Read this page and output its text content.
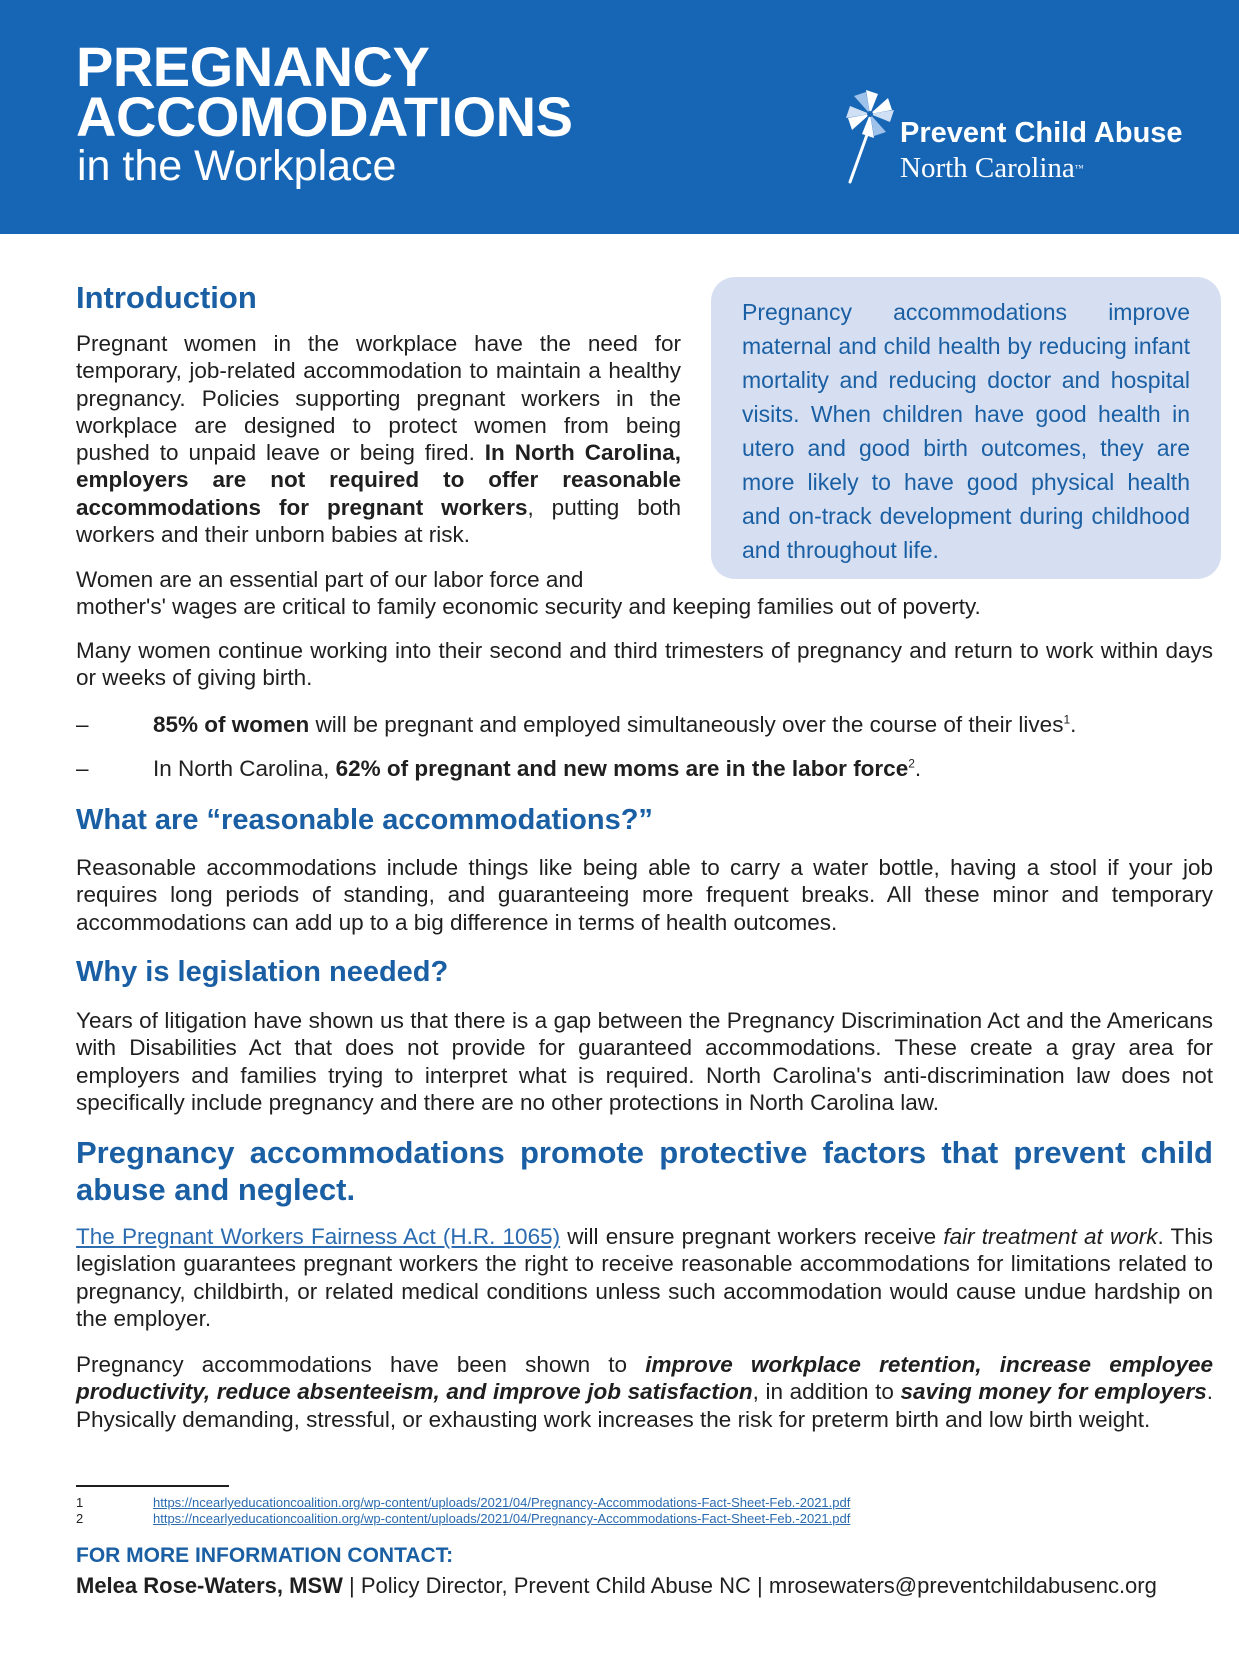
PREGNANCY
ACCOMODATIONS
in the Workplace
Prevent Child Abuse
North Carolina™
Introduction
Pregnant women in the workplace have the need for temporary, job-related accommodation to maintain a healthy pregnancy. Policies supporting pregnant workers in the workplace are designed to protect women from being pushed to unpaid leave or being fired. In North Carolina, employers are not required to offer reasonable accommodations for pregnant workers, putting both workers and their unborn babies at risk.

Pregnancy accommodations improve maternal and child health by reducing infant mortality and reducing doctor and hospital visits. When children have good health in utero and good birth outcomes, they are more likely to have good physical health and on-track development during childhood and throughout life.

Women are an essential part of our labor force and
mother's' wages are critical to family economic security and keeping families out of poverty.
Many women continue working into their second and third trimesters of pregnancy and return to work within days or weeks of giving birth.
–	85% of women will be pregnant and employed simultaneously over the course of their lives$^1$.
–	In North Carolina, 62% of pregnant and new moms are in the labor force$^2$.
What are “reasonable accommodations?”
Reasonable accommodations include things like being able to carry a water bottle, having a stool if your job requires long periods of standing, and guaranteeing more frequent breaks. All these minor and temporary accommodations can add up to a big difference in terms of health outcomes.
Why is legislation needed?
Years of litigation have shown us that there is a gap between the Pregnancy Discrimination Act and the Americans with Disabilities Act that does not provide for guaranteed accommodations. These create a gray area for employers and families trying to interpret what is required. North Carolina's anti-discrimination law does not specifically include pregnancy and there are no other protections in North Carolina law.
Pregnancy accommodations promote protective factors that prevent child abuse and neglect.
The Pregnant Workers Fairness Act (H.R. 1065) will ensure pregnant workers receive fair treatment at work. This legislation guarantees pregnant workers the right to receive reasonable accommodations for limitations related to pregnancy, childbirth, or related medical conditions unless such accommodation would cause undue hardship on the employer.
Pregnancy accommodations have been shown to improve workplace retention, increase employee productivity, reduce absenteeism, and improve job satisfaction, in addition to saving money for employers. Physically demanding, stressful, or exhausting work increases the risk for preterm birth and low birth weight.
1	https://ncearlyeducationcoalition.org/wp-content/uploads/2021/04/Pregnancy-Accommodations-Fact-Sheet-Feb.-2021.pdf
2	https://ncearlyeducationcoalition.org/wp-content/uploads/2021/04/Pregnancy-Accommodations-Fact-Sheet-Feb.-2021.pdf
FOR MORE INFORMATION CONTACT:
Melea Rose-Waters, MSW | Policy Director, Prevent Child Abuse NC | mrosewaters@preventchildabusenc.org
